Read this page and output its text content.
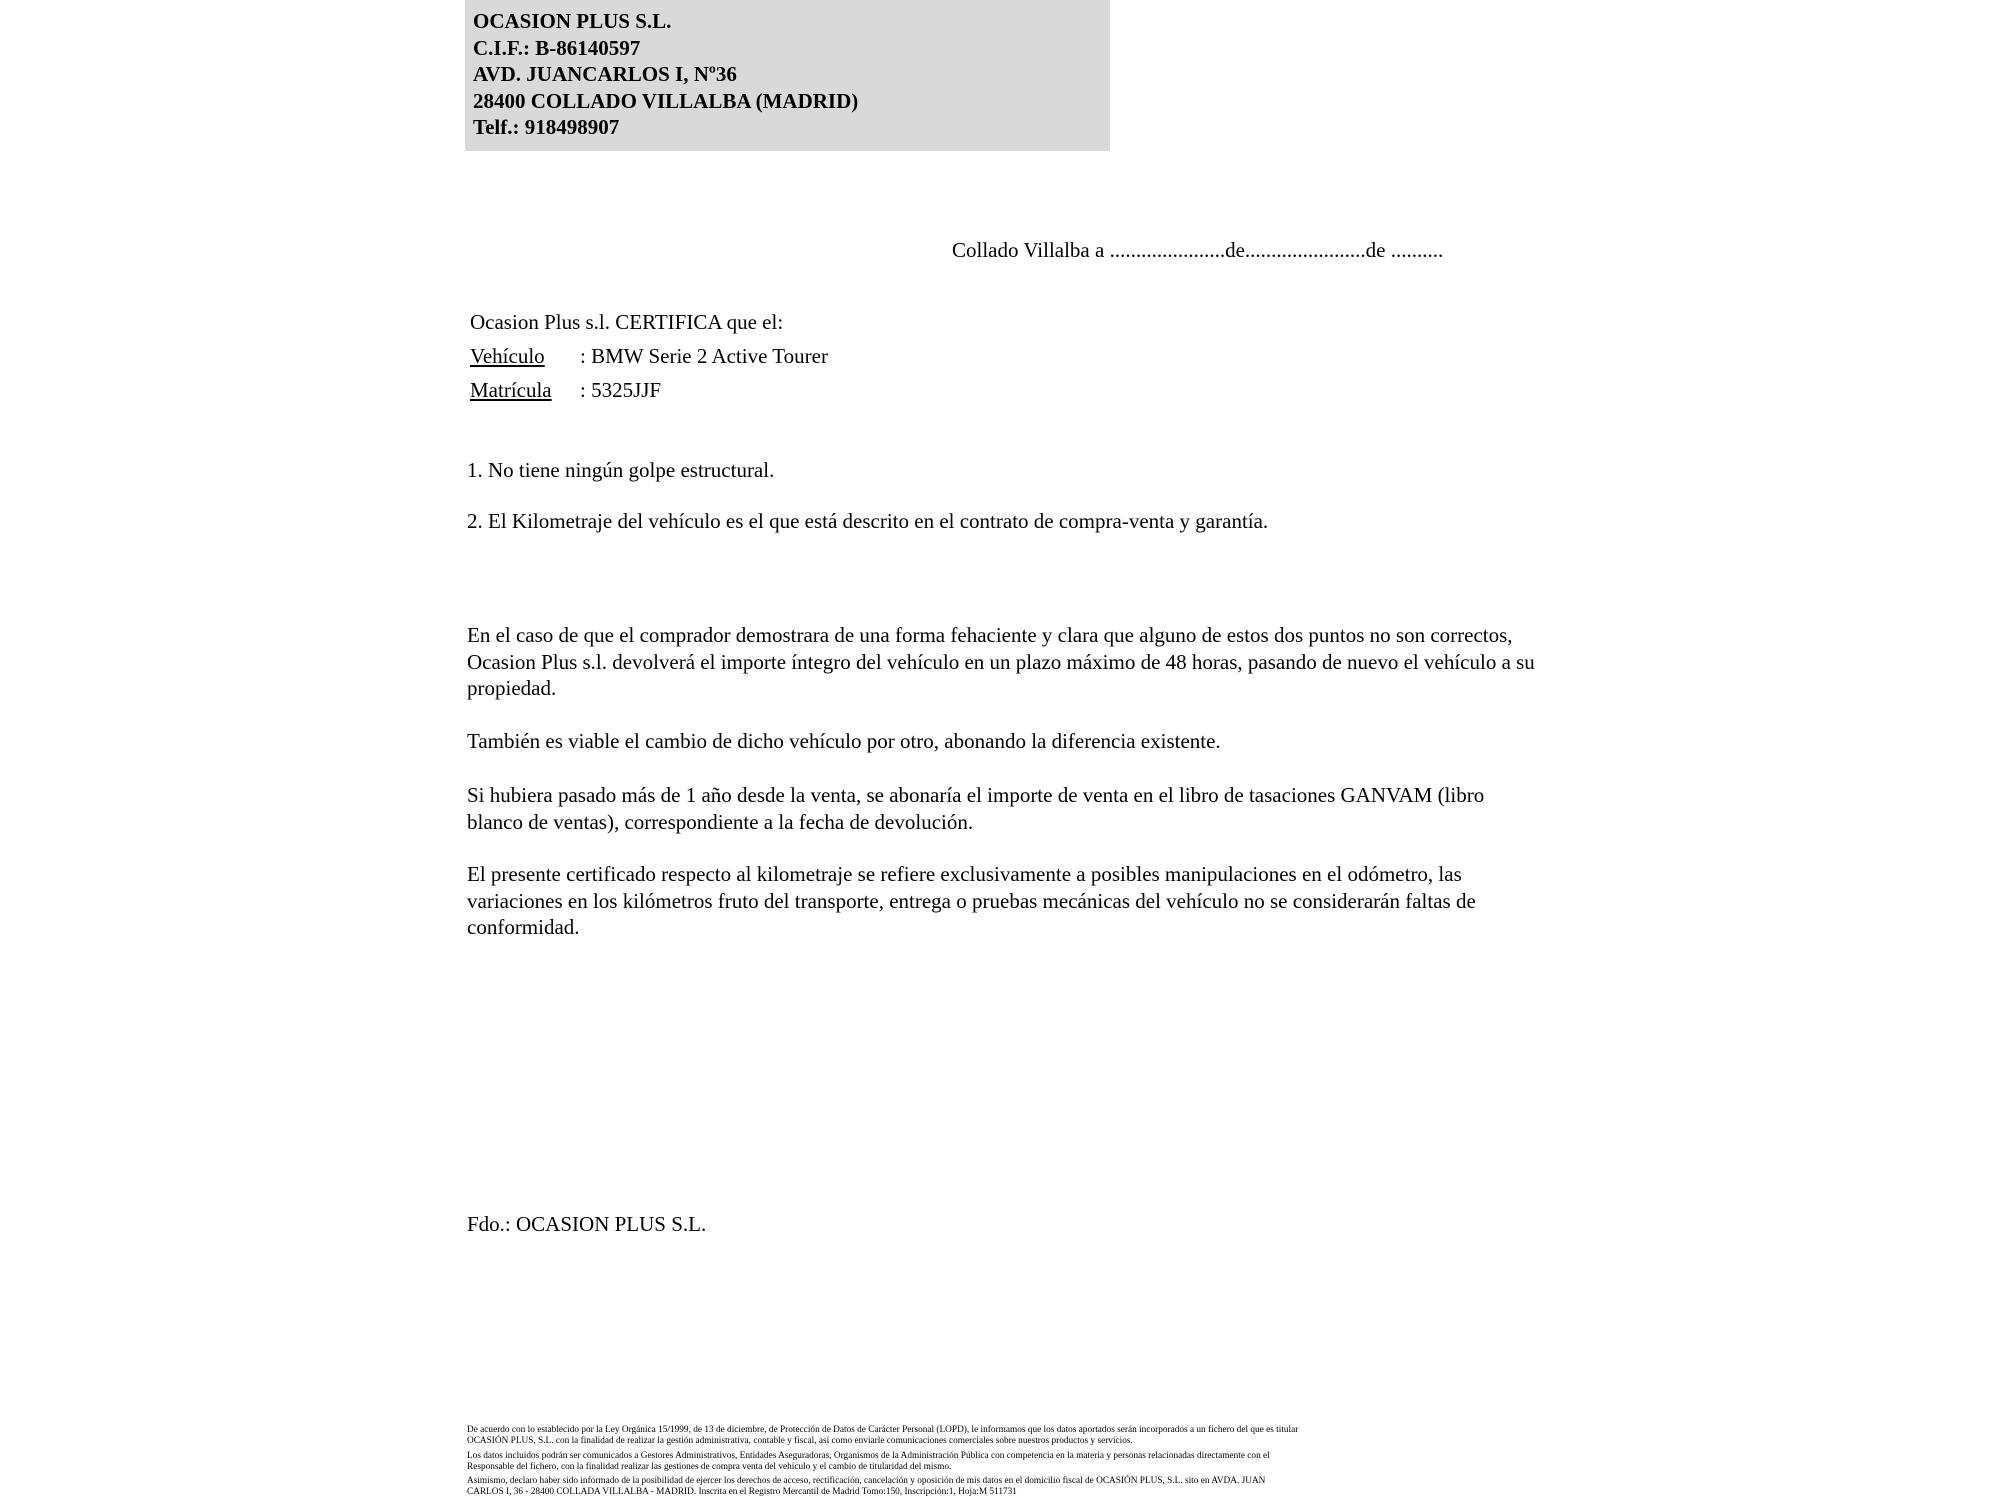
OCASION PLUS S.L.
C.I.F.: B-86140597
AVD. JUANCARLOS I, Nº36
28400 COLLADO VILLALBA (MADRID)
Telf.: 918498907
Collado Villalba a ......................de.......................de ..........
Ocasion Plus s.l. CERTIFICA que el:
Vehículo : BMW Serie 2 Active Tourer
Matrícula : 5325JJF
1. No tiene ningún golpe estructural.
2. El Kilometraje del vehículo es el que está descrito en el contrato de compra-venta y garantía.
En el caso de que el comprador demostrara de una forma fehaciente y clara que alguno de estos dos puntos no son correctos, Ocasion Plus s.l. devolverá el importe íntegro del vehículo en un plazo máximo de 48 horas, pasando de nuevo el vehículo a su propiedad.
También es viable el cambio de dicho vehículo por otro, abonando la diferencia existente.
Si hubiera pasado más de 1 año desde la venta, se abonaría el importe de venta en el libro de tasaciones GANVAM (libro blanco de ventas), correspondiente a la fecha de devolución.
El presente certificado respecto al kilometraje se refiere exclusivamente a posibles manipulaciones en el odómetro, las variaciones en los kilómetros fruto del transporte, entrega o pruebas mecánicas del vehículo no se considerarán faltas de conformidad.
Fdo.: OCASION PLUS S.L.

De acuerdo con lo establecido por la Ley Orgánica 15/1999, de 13 de diciembre, de Protección de Datos de Carácter Personal (LOPD), le informamos que los datos aportados serán incorporados a un fichero del que es titular

OCASIÓN PLUS, S.L. con la finalidad de realizar la gestión administrativa, contable y fiscal, así como enviarle comunicaciones comerciales sobre nuestros productos y servicios.

Los datos incluidos podrán ser comunicados a Gestores Administrativos, Entidades Aseguradoras, Organismos de la Administración Pública con competencia en la materia y personas relacionadas directamente con el

Responsable del fichero, con la finalidad realizar las gestiones de compra venta del vehículo y el cambio de titularidad del mismo.

Asimismo, declaro haber sido informado de la posibilidad de ejercer los derechos de acceso, rectificación, cancelación y oposición de mis datos en el domicilio fiscal de OCASIÓN PLUS, S.L. sito en AVDA. JUAN

CARLOS I, 36 - 28400 COLLADA VILLALBA - MADRID. Inscrita en el Registro Mercantil de Madrid Tomo:150, Inscripción:1, Hoja:M 511731
